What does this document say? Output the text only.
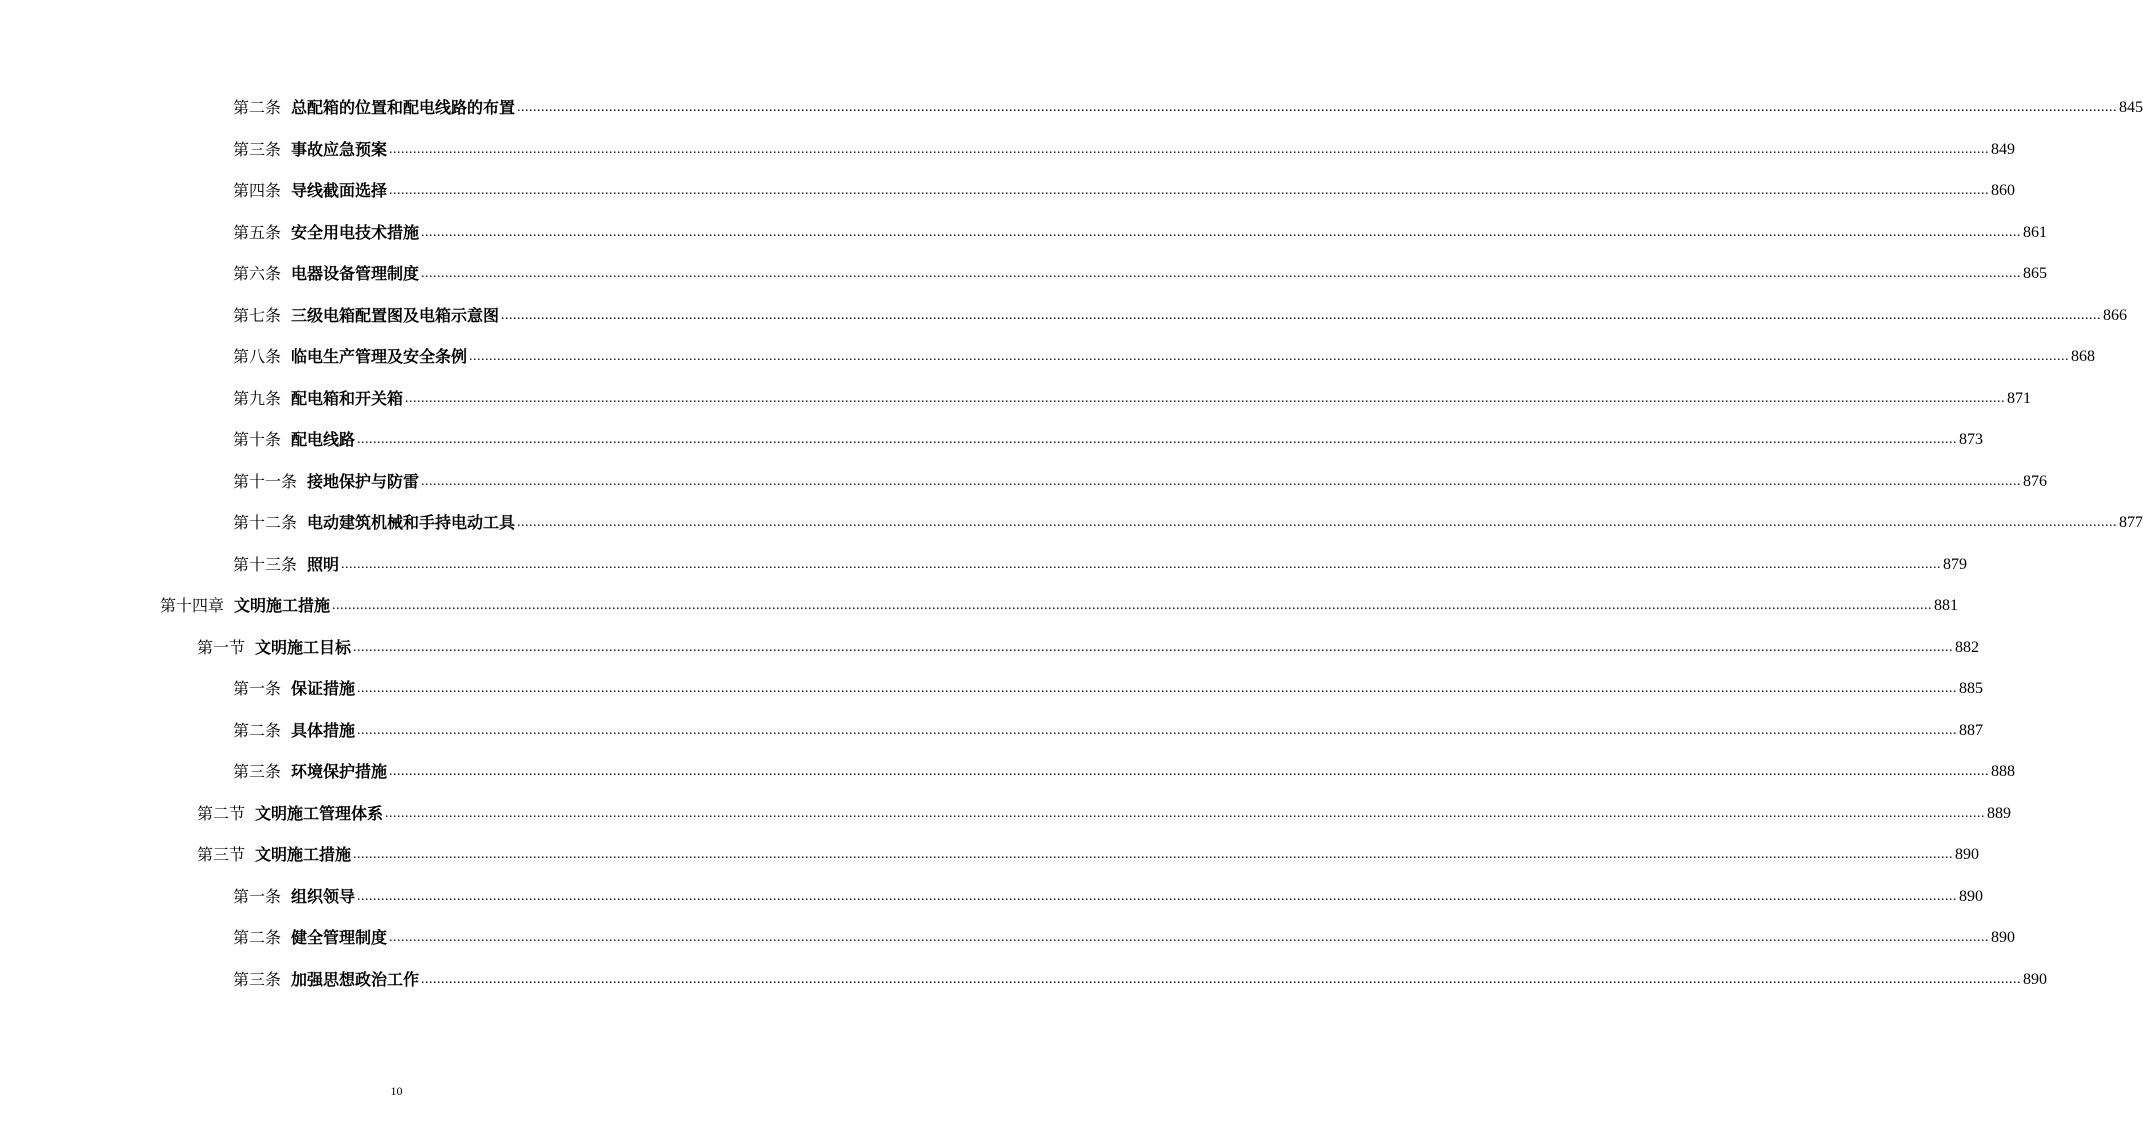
第二条 总配箱的位置和配电线路的布置 ................................................................................................................................................................................................................................................................................................................................................................................................................ 845
第三条 事故应急预案 ................................................................................................................................................................................................................................................................................................................................................................................................................ 849
第四条 导线截面选择 ................................................................................................................................................................................................................................................................................................................................................................................................................ 860
第五条 安全用电技术措施 ................................................................................................................................................................................................................................................................................................................................................................................................................ 861
第六条 电器设备管理制度 ................................................................................................................................................................................................................................................................................................................................................................................................................ 865
第七条 三级电箱配置图及电箱示意图 ................................................................................................................................................................................................................................................................................................................................................................................................................ 866
第八条 临电生产管理及安全条例 ................................................................................................................................................................................................................................................................................................................................................................................................................ 868
第九条 配电箱和开关箱 ................................................................................................................................................................................................................................................................................................................................................................................................................ 871
第十条 配电线路 ................................................................................................................................................................................................................................................................................................................................................................................................................ 873
第十一条 接地保护与防雷 ................................................................................................................................................................................................................................................................................................................................................................................................................ 876
第十二条 电动建筑机械和手持电动工具 ................................................................................................................................................................................................................................................................................................................................................................................................................ 877
第十三条 照明 ................................................................................................................................................................................................................................................................................................................................................................................................................ 879
第十四章 文明施工措施 ................................................................................................................................................................................................................................................................................................................................................................................................................ 881
第一节 文明施工目标 ................................................................................................................................................................................................................................................................................................................................................................................................................ 882
第一条 保证措施 ................................................................................................................................................................................................................................................................................................................................................................................................................ 885
第二条 具体措施 ................................................................................................................................................................................................................................................................................................................................................................................................................ 887
第三条 环境保护措施 ................................................................................................................................................................................................................................................................................................................................................................................................................ 888
第二节 文明施工管理体系 ................................................................................................................................................................................................................................................................................................................................................................................................................ 889
第三节 文明施工措施 ................................................................................................................................................................................................................................................................................................................................................................................................................ 890
第一条 组织领导 ................................................................................................................................................................................................................................................................................................................................................................................................................ 890
第二条 健全管理制度 ................................................................................................................................................................................................................................................................................................................................................................................................................ 890
第三条 加强思想政治工作 ................................................................................................................................................................................................................................................................................................................................................................................................................ 890
10
